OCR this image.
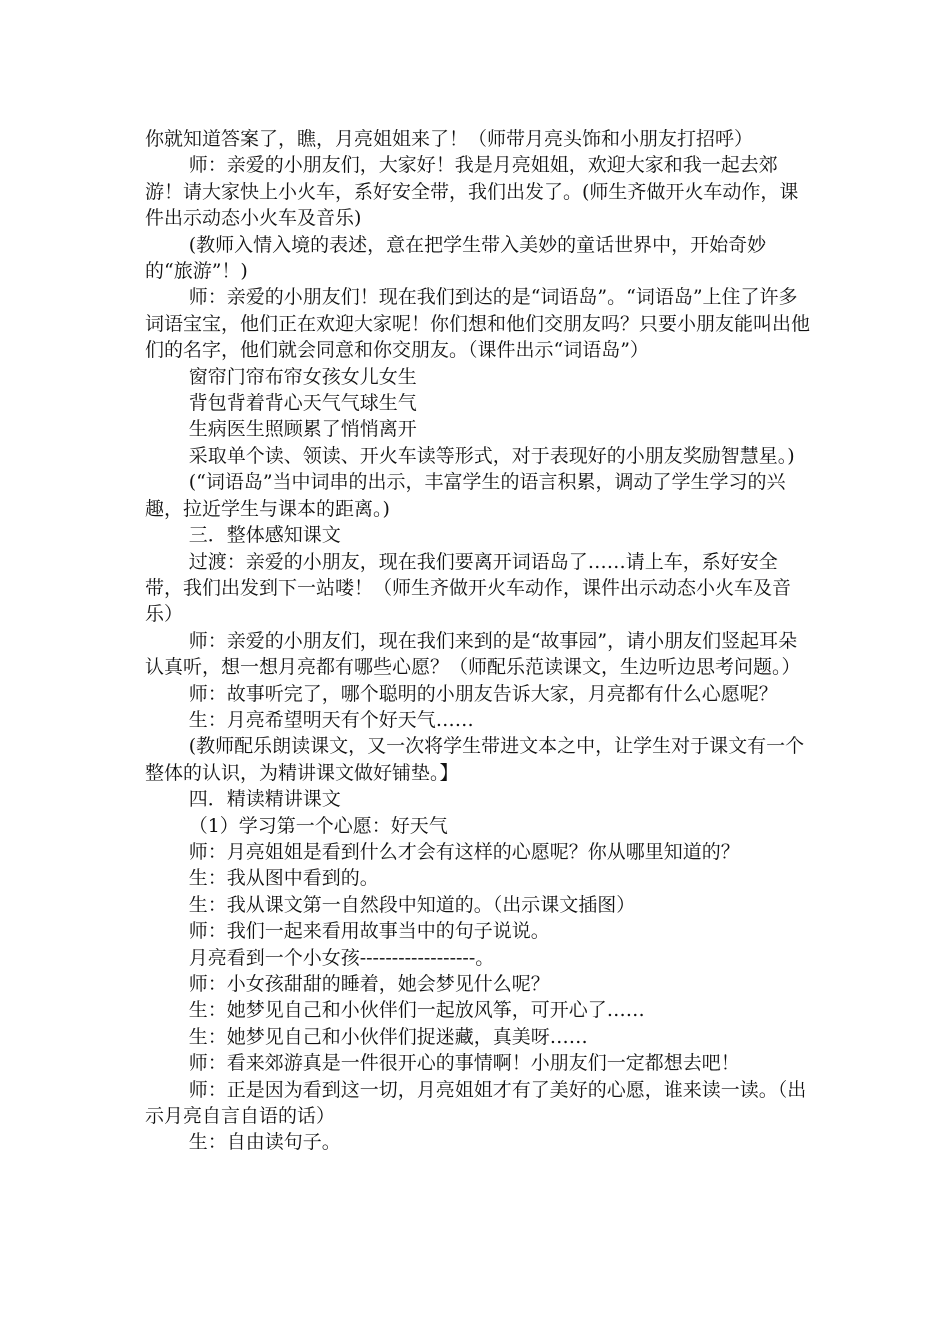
你就知道答案了，瞧，月亮姐姐来了！（师带月亮头饰和小朋友打招呼）

师：亲爱的小朋友们，大家好！我是月亮姐姐，欢迎大家和我一起去郊游！请大家快上小火车，系好安全带，我们出发了。(师生齐做开火车动作，课件出示动态小火车及音乐)

(教师入情入境的表述，意在把学生带入美妙的童话世界中，开始奇妙的“旅游”！)

师：亲爱的小朋友们！现在我们到达的是“词语岛”。“词语岛”上住了许多词语宝宝，他们正在欢迎大家呢！你们想和他们交朋友吗？只要小朋友能叫出他们的名字，他们就会同意和你交朋友。（课件出示“词语岛”）

窗帘门帘布帘女孩女儿女生

背包背着背心天气气球生气

生病医生照顾累了悄悄离开

采取单个读、领读、开火车读等形式，对于表现好的小朋友奖励智慧星。)

(“词语岛”当中词串的出示，丰富学生的语言积累，调动了学生学习的兴趣，拉近学生与课本的距离。)

三．整体感知课文

过渡：亲爱的小朋友，现在我们要离开词语岛了……请上车，系好安全带，我们出发到下一站喽！（师生齐做开火车动作，课件出示动态小火车及音乐）

师：亲爱的小朋友们，现在我们来到的是“故事园”，请小朋友们竖起耳朵认真听，想一想月亮都有哪些心愿？（师配乐范读课文，生边听边思考问题。）

师：故事听完了，哪个聪明的小朋友告诉大家，月亮都有什么心愿呢？

生：月亮希望明天有个好天气……

(教师配乐朗读课文，又一次将学生带进文本之中，让学生对于课文有一个整体的认识，为精讲课文做好铺垫。】

四．精读精讲课文

（1）学习第一个心愿：好天气

师：月亮姐姐是看到什么才会有这样的心愿呢？你从哪里知道的？

生：我从图中看到的。

生：我从课文第一自然段中知道的。（出示课文插图）

师：我们一起来看用故事当中的句子说说。

月亮看到一个小女孩------------------。

师：小女孩甜甜的睡着，她会梦见什么呢？

生：她梦见自己和小伙伴们一起放风筝，可开心了……

生：她梦见自己和小伙伴们捉迷藏，真美呀……

师：看来郊游真是一件很开心的事情啊！小朋友们一定都想去吧！

师：正是因为看到这一切，月亮姐姐才有了美好的心愿，谁来读一读。（出示月亮自言自语的话）

生：自由读句子。
